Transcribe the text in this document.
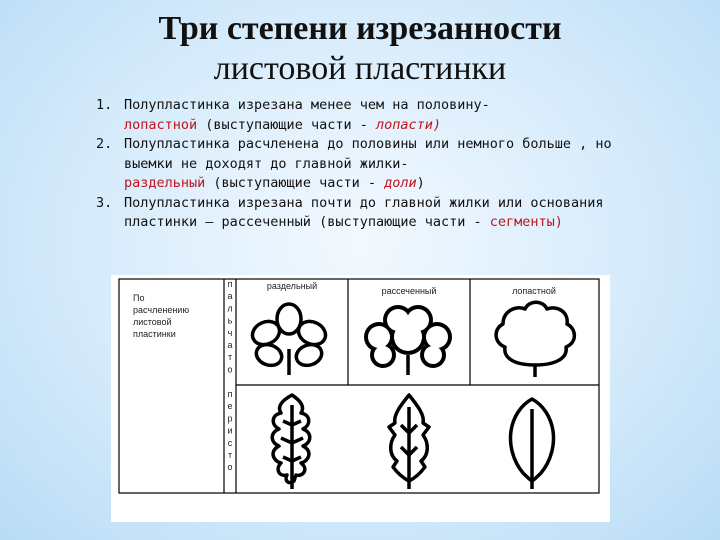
Три степени изрезанности
листовой пластинки
1. Полупластинка изрезана менее чем на половину-
лопастной (выступающие части - лопасти)
2. Полупластинка расчленена до половины или немного больше , но выемки не доходят до главной жилки-
раздельный (выступающие части - доли)
3. Полупластинка изрезана почти до главной жилки или основания пластинки – рассеченный (выступающие части - сегменты)
По расчленению листовой пластинки
п а л ь ч а т о
п е р и с т о
раздельный	рассеченный	лопастной
